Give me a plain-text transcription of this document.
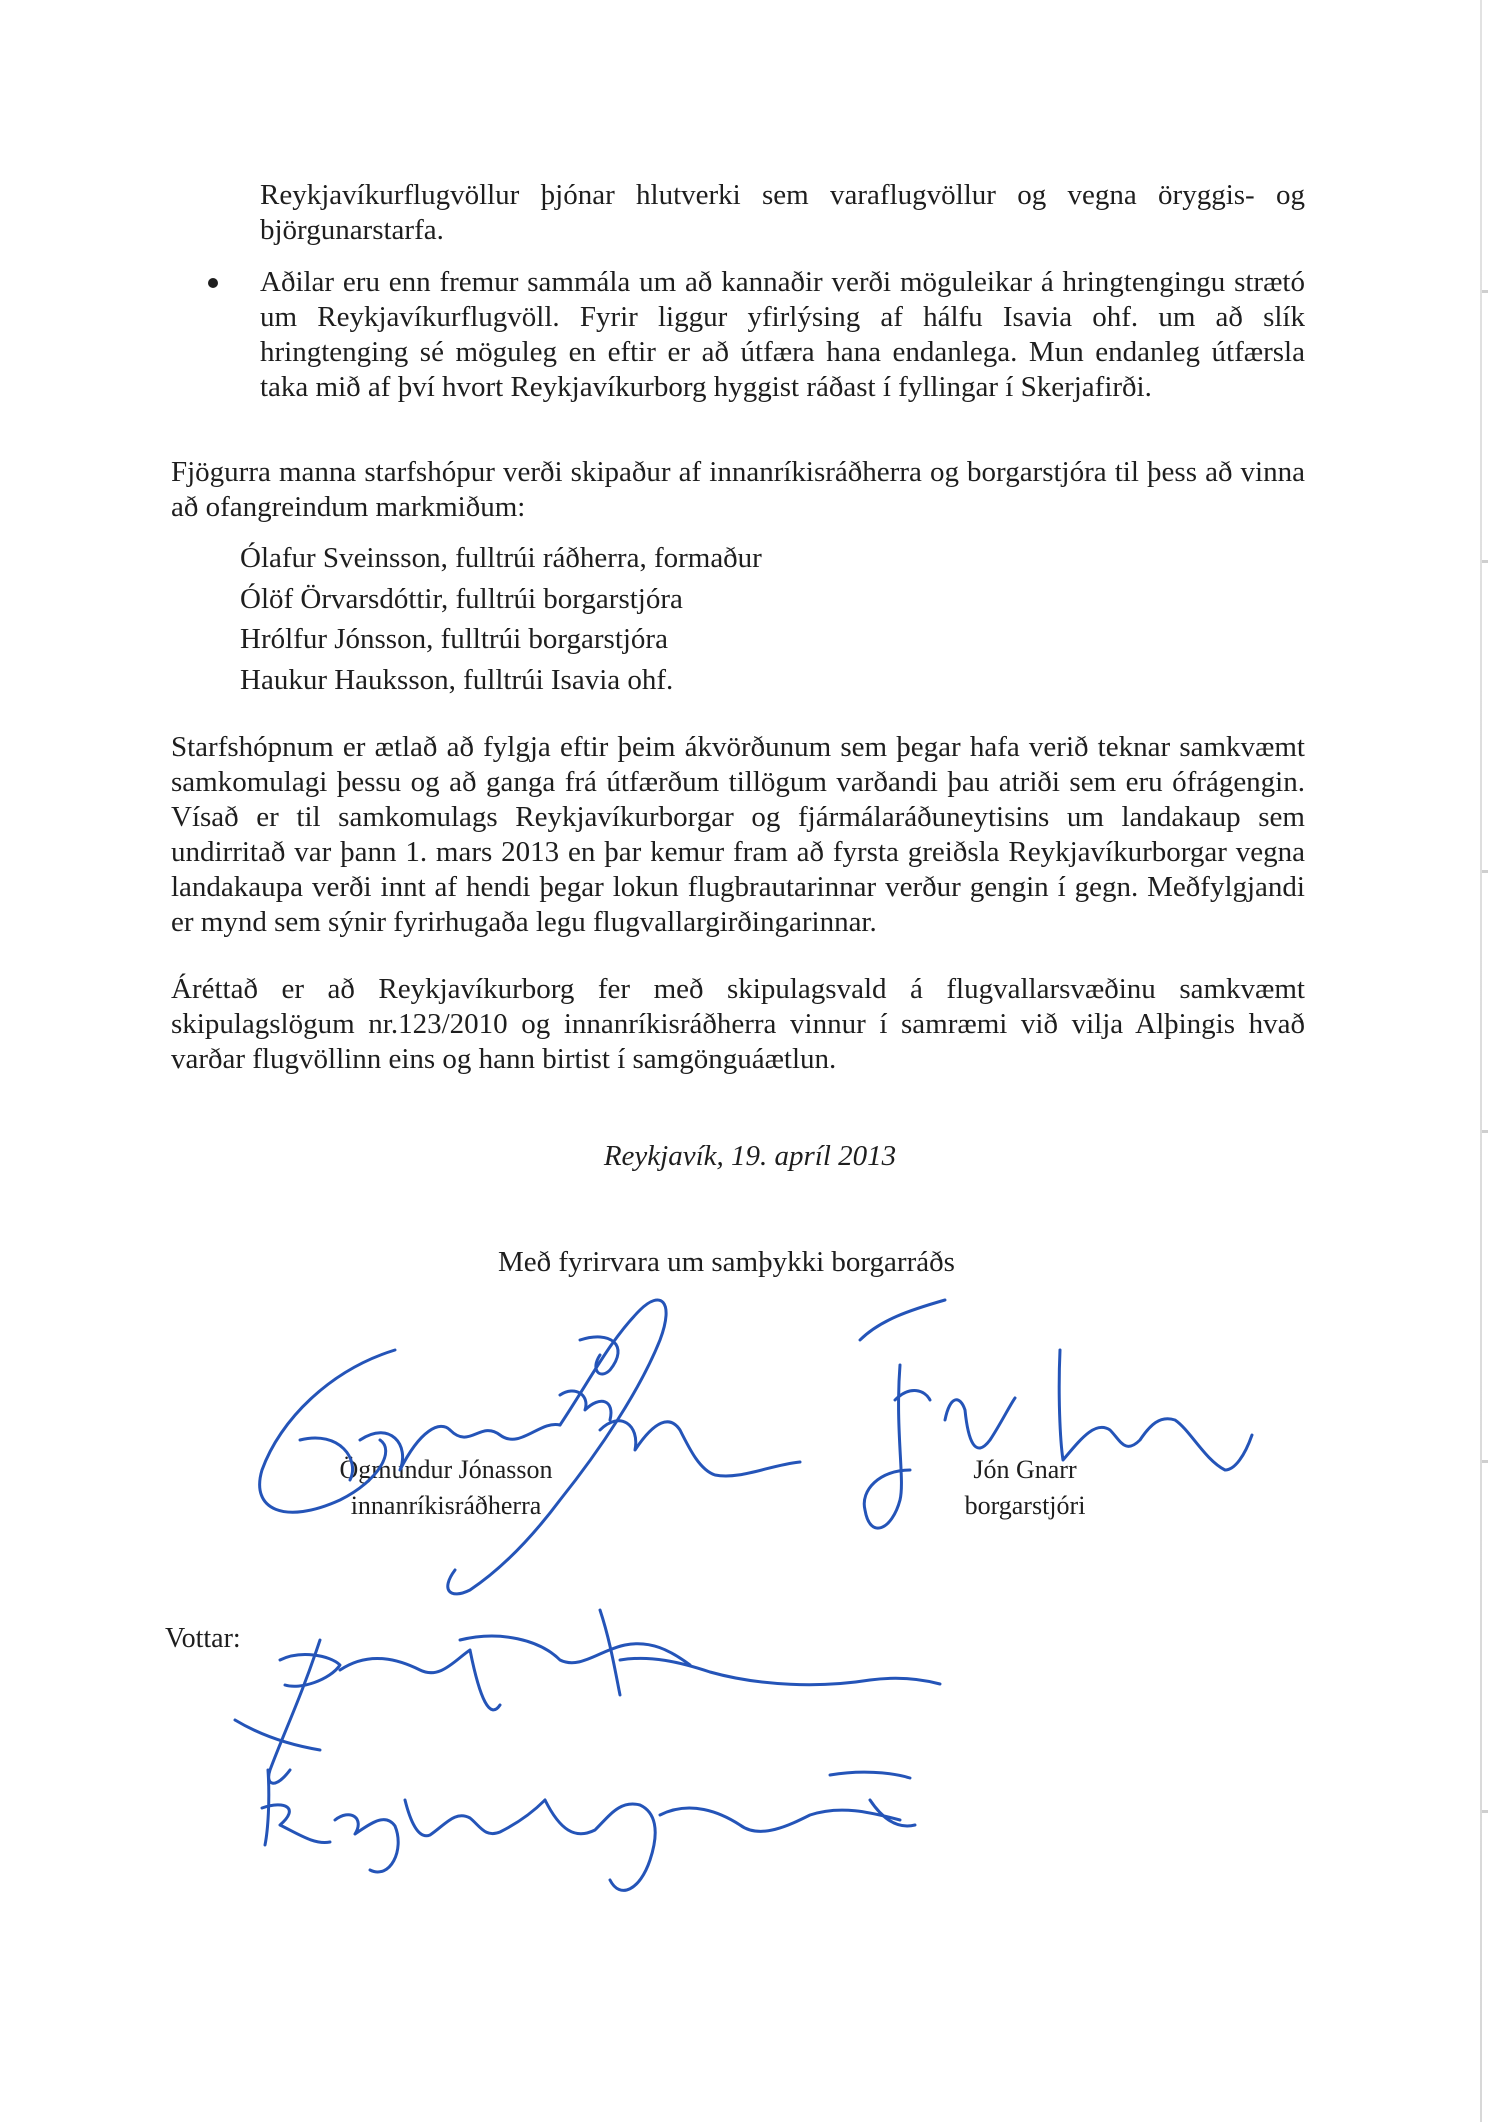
Reykjavíkurflugvöllur þjónar hlutverki sem varaflugvöllur og vegna öryggis- og björgunarstarfa.

Aðilar eru enn fremur sammála um að kannaðir verði möguleikar á hringtengingu strætó um Reykjavíkurflugvöll. Fyrir liggur yfirlýsing af hálfu Isavia ohf. um að slík hringtenging sé möguleg en eftir er að útfæra hana endanlega. Mun endanleg útfærsla taka mið af því hvort Reykjavíkurborg hyggist ráðast í fyllingar í Skerjafirði.

Fjögurra manna starfshópur verði skipaður af innanríkisráðherra og borgarstjóra til þess að vinna að ofangreindum markmiðum:

Ólafur Sveinsson, fulltrúi ráðherra, formaður
Ólöf Örvarsdóttir, fulltrúi borgarstjóra
Hrólfur Jónsson, fulltrúi borgarstjóra
Haukur Hauksson, fulltrúi Isavia ohf.

Starfshópnum er ætlað að fylgja eftir þeim ákvörðunum sem þegar hafa verið teknar samkvæmt samkomulagi þessu og að ganga frá útfærðum tillögum varðandi þau atriði sem eru ófrágengin. Vísað er til samkomulags Reykjavíkurborgar og fjármálaráðuneytisins um landakaup sem undirritað var þann 1. mars 2013 en þar kemur fram að fyrsta greiðsla Reykjavíkurborgar vegna landakaupa verði innt af hendi þegar lokun flugbrautarinnar verður gengin í gegn. Meðfylgjandi er mynd sem sýnir fyrirhugaða legu flugvallargirðingarinnar.

Áréttað er að Reykjavíkurborg fer með skipulagsvald á flugvallarsvæðinu samkvæmt skipulagslögum nr.123/2010 og innanríkisráðherra vinnur í samræmi við vilja Alþingis hvað varðar flugvöllinn eins og hann birtist í samgönguáætlun.

Reykjavík, 19. apríl 2013
Með fyrirvara um samþykki borgarráðs
Ögmundur Jónasson
innanríkisráðherra
Jón Gnarr
borgarstjóri
Vottar:
